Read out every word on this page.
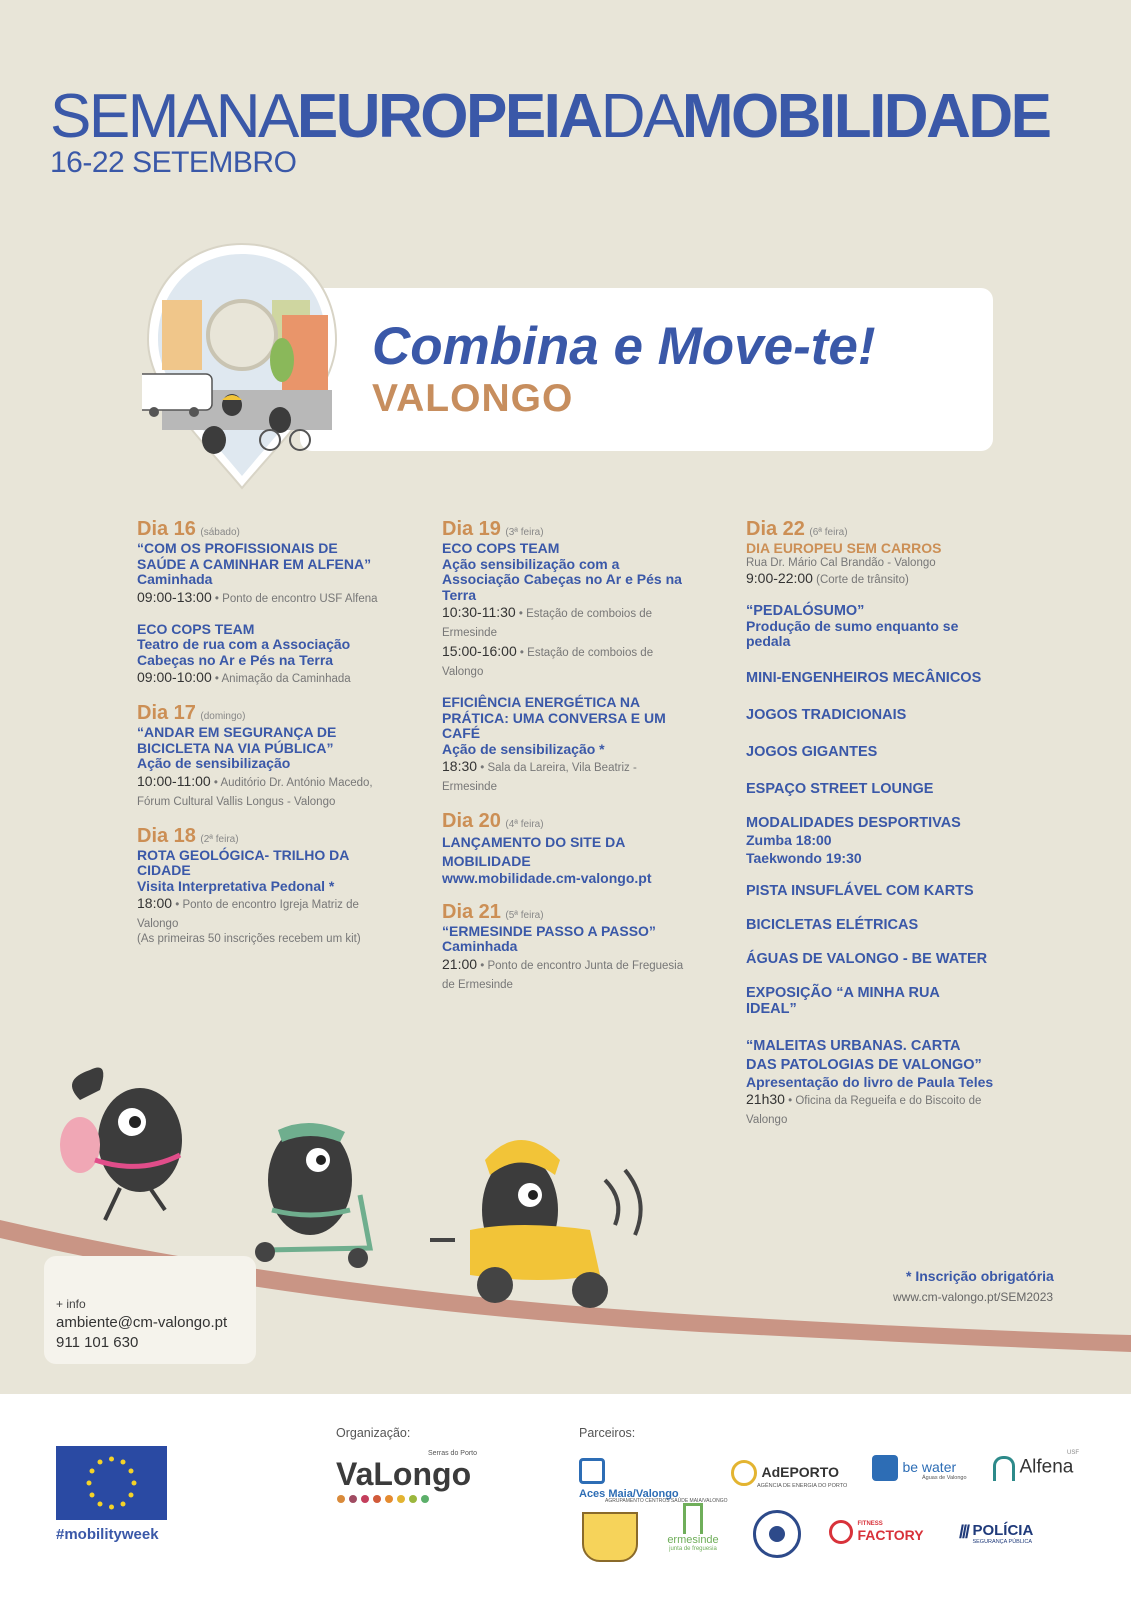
SEMANAEUROPEIADAMOBILIDADE
16-22 SETEMBRO
Combina e Move-te!
VALONGO
Dia 16 (sábado)
“COM OS PROFISSIONAIS DE SAÚDE A CAMINHAR EM ALFENA”
Caminhada
09:00-13:00 • Ponto de encontro USF Alfena
ECO COPS TEAM
Teatro de rua com a Associação Cabeças no Ar e Pés na Terra
09:00-10:00 • Animação da Caminhada
Dia 17 (domingo)
“ANDAR EM SEGURANÇA DE BICICLETA NA VIA PÚBLICA”
Ação de sensibilização
10:00-11:00 • Auditório Dr. António Macedo, Fórum Cultural Vallis Longus - Valongo
Dia 18 (2ª feira)
ROTA GEOLÓGICA- TRILHO DA CIDADE
Visita Interpretativa Pedonal *
18:00 • Ponto de encontro Igreja Matriz de Valongo
(As primeiras 50 inscrições recebem um kit)
Dia 19 (3ª feira)
ECO COPS TEAM
Ação sensibilização com a Associação Cabeças no Ar e Pés na Terra
10:30-11:30 • Estação de comboios de Ermesinde
15:00-16:00 • Estação de comboios de Valongo
EFICIÊNCIA ENERGÉTICA NA PRÁTICA: UMA CONVERSA E UM CAFÉ
Ação de sensibilização *
18:30 • Sala da Lareira, Vila Beatriz - Ermesinde
Dia 20 (4ª feira)
LANÇAMENTO DO SITE DA MOBILIDADE
www.mobilidade.cm-valongo.pt
Dia 21 (5ª feira)
“ERMESINDE PASSO A PASSO”
Caminhada
21:00 • Ponto de encontro Junta de Freguesia de Ermesinde
Dia 22 (6ª feira)
DIA EUROPEU SEM CARROS
Rua Dr. Mário Cal Brandão - Valongo
9:00-22:00 (Corte de trânsito)
“PEDALÓSUMO”
Produção de sumo enquanto se pedala
MINI-ENGENHEIROS MECÂNICOS
JOGOS TRADICIONAIS
JOGOS GIGANTES
ESPAÇO STREET LOUNGE
MODALIDADES DESPORTIVAS
Zumba 18:00
Taekwondo 19:30
PISTA INSUFLÁVEL COM KARTS
BICICLETAS ELÉTRICAS
ÁGUAS DE VALONGO - BE WATER
EXPOSIÇÃO “A MINHA RUA IDEAL”
“MALEITAS URBANAS. CARTA DAS PATOLOGIAS DE VALONGO”
Apresentação do livro de Paula Teles
21h30 • Oficina da Regueifa e do Biscoito de Valongo
* Inscrição obrigatória
www.cm-valongo.pt/SEM2023
+ info
ambiente@cm-valongo.pt
911 101 630
#mobilityweek
Organização:
VaLongo
Serras do Porto
Parceiros:
Aces Maia/Valongo
AGRUPAMENTO CENTROS SAÚDE MAIA/VALONGO
AdEPORTO
AGÊNCIA DE ENERGIA DO PORTO
be water
Águas de Valongo
Alfena
USF
ermesinde
junta de freguesia

FITNESS
FACTORY /// POLÍCIA
SEGURANÇA PÚBLICA
